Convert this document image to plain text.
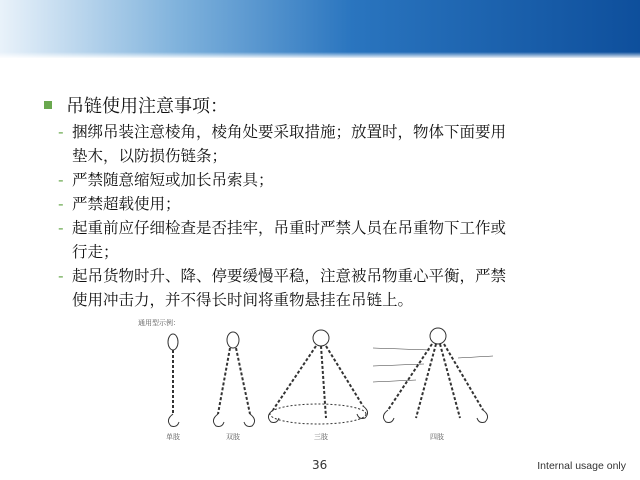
吊链使用注意事项：
- 捆绑吊装注意棱角，棱角处要采取措施；放置时，物体下面要用
垫木，以防损伤链条；
- 严禁随意缩短或加长吊索具；
- 严禁超载使用；
- 起重前应仔细检查是否挂牢，吊重时严禁人员在吊重物下工作或
行走；
- 起吊货物时升、降、停要缓慢平稳，注意被吊物重心平衡，严禁
使用冲击力，并不得长时间将重物悬挂在吊链上。
通用型示例：
单肢	双肢	三肢	四肢
36	Internal usage only
